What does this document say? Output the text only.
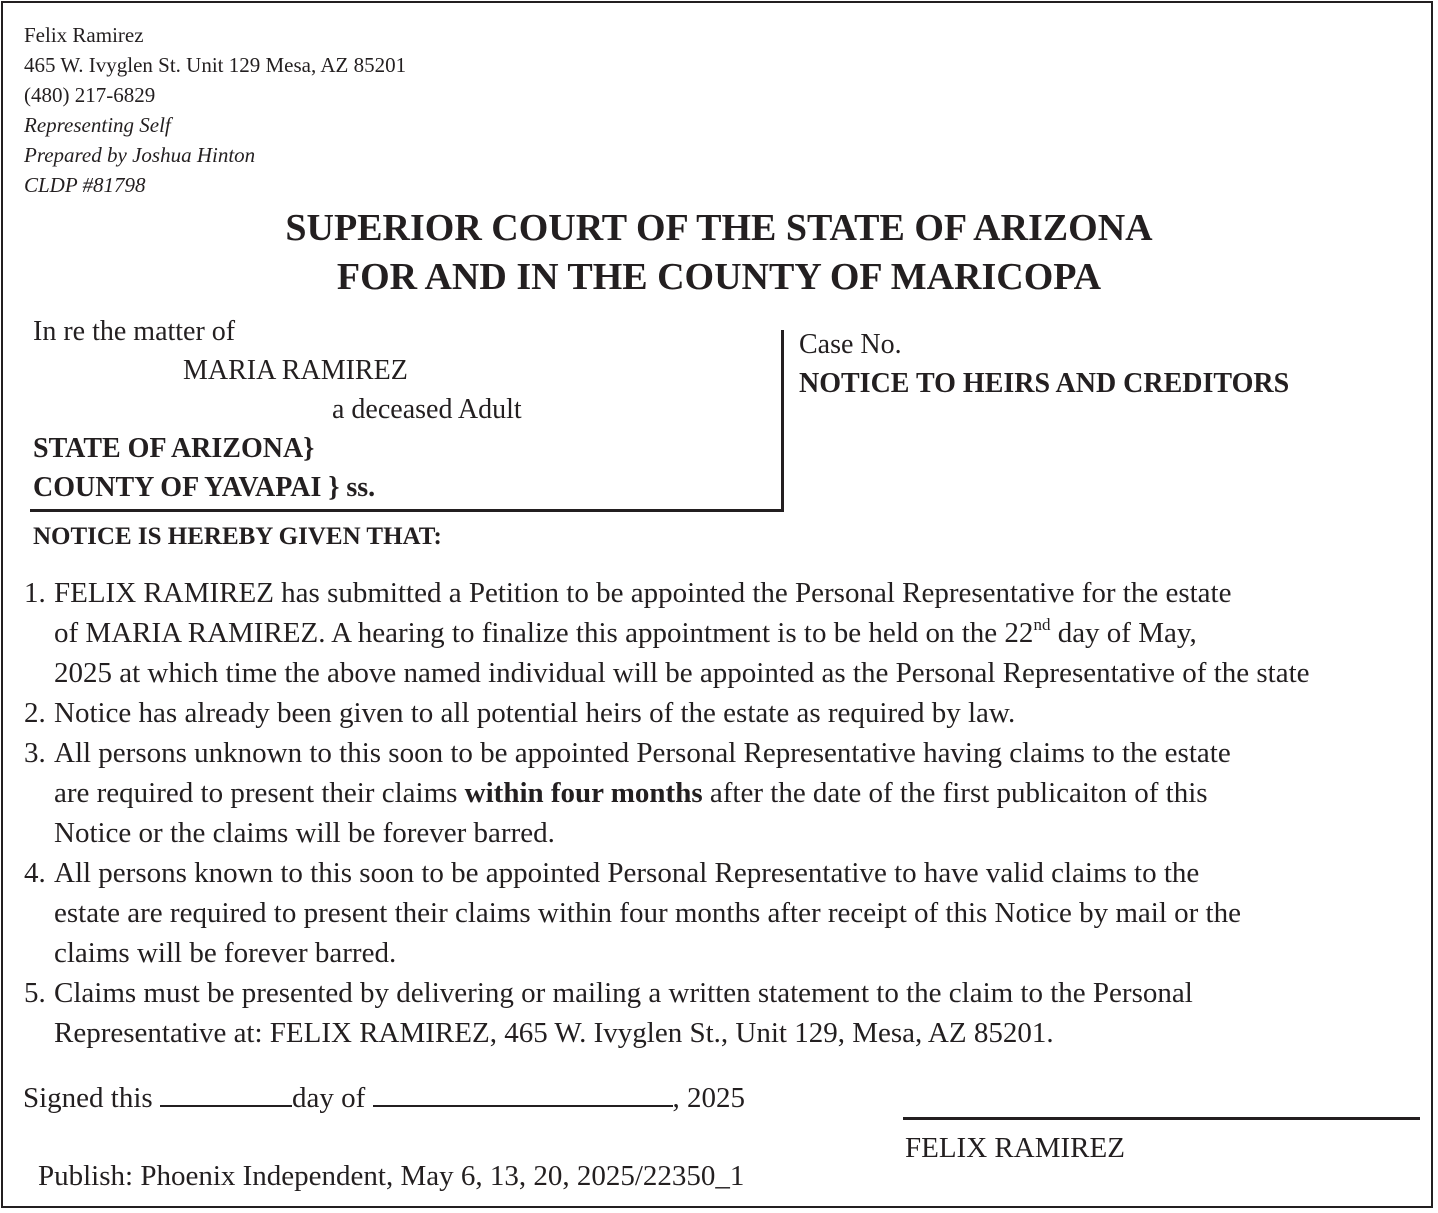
Felix Ramirez
465 W. Ivyglen St. Unit 129 Mesa, AZ 85201
(480) 217-6829
Representing Self
Prepared by Joshua Hinton
CLDP #81798
SUPERIOR COURT OF THE STATE OF ARIZONA
FOR AND IN THE COUNTY OF MARICOPA
In re the matter of
MARIA RAMIREZ
a deceased Adult
STATE OF ARIZONA}
COUNTY OF YAVAPAI } ss.
Case No.
NOTICE TO HEIRS AND CREDITORS
NOTICE IS HEREBY GIVEN THAT:
1. FELIX RAMIREZ has submitted a Petition to be appointed the Personal Representative for the estate
of MARIA RAMIREZ. A hearing to finalize this appointment is to be held on the 22nd day of May,
2025 at which time the above named individual will be appointed as the Personal Representative of the state
2. Notice has already been given to all potential heirs of the estate as required by law.
3. All persons unknown to this soon to be appointed Personal Representative having claims to the estate
are required to present their claims within four months after the date of the first publicaiton of this
Notice or the claims will be forever barred.
4. All persons known to this soon to be appointed Personal Representative to have valid claims to the
estate are required to present their claims within four months after receipt of this Notice by mail or the
claims will be forever barred.
5. Claims must be presented by delivering or mailing a written statement to the claim to the Personal
Representative at: FELIX RAMIREZ, 465 W. Ivyglen St., Unit 129, Mesa, AZ 85201.
Signed this	day of	, 2025
FELIX RAMIREZ
Publish: Phoenix Independent, May 6, 13, 20, 2025/22350_1
